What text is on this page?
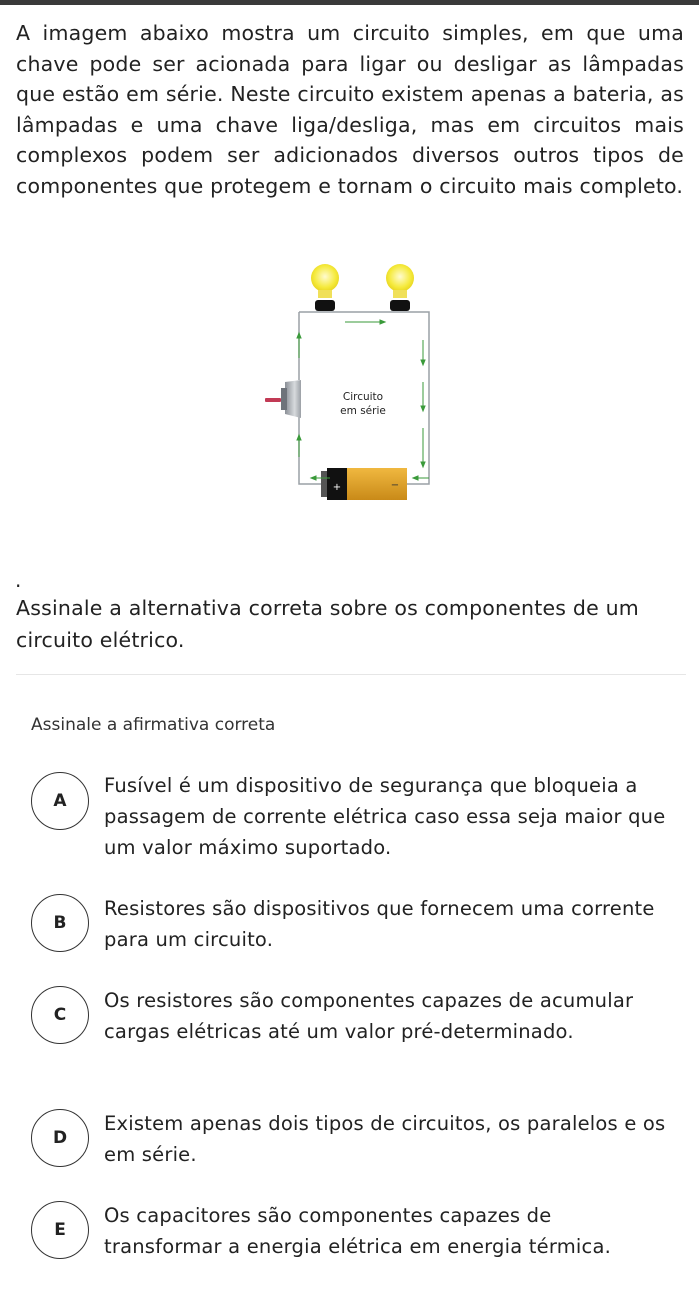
A imagem abaixo mostra um circuito simples, em que uma chave pode ser acionada para ligar ou desligar as lâmpadas que estão em série. Neste circuito existem apenas a bateria, as lâmpadas e uma chave liga/desliga, mas em circuitos mais complexos podem ser adicionados diversos outros tipos de componentes que protegem e tornam o circuito mais completo.

+	−
Circuito
em série

.

Assinale a alternativa correta sobre os componentes de um circuito elétrico.

Assinale a afirmativa correta

A

Fusível é um dispositivo de segurança que bloqueia a passagem de corrente elétrica caso essa seja maior que um valor máximo suportado.

B

Resistores são dispositivos que fornecem uma corrente para um circuito.

C

Os resistores são componentes capazes de acumular cargas elétricas até um valor pré-determinado.

D

Existem apenas dois tipos de circuitos, os paralelos e os em série.

E

Os capacitores são componentes capazes de transformar a energia elétrica em energia térmica.
